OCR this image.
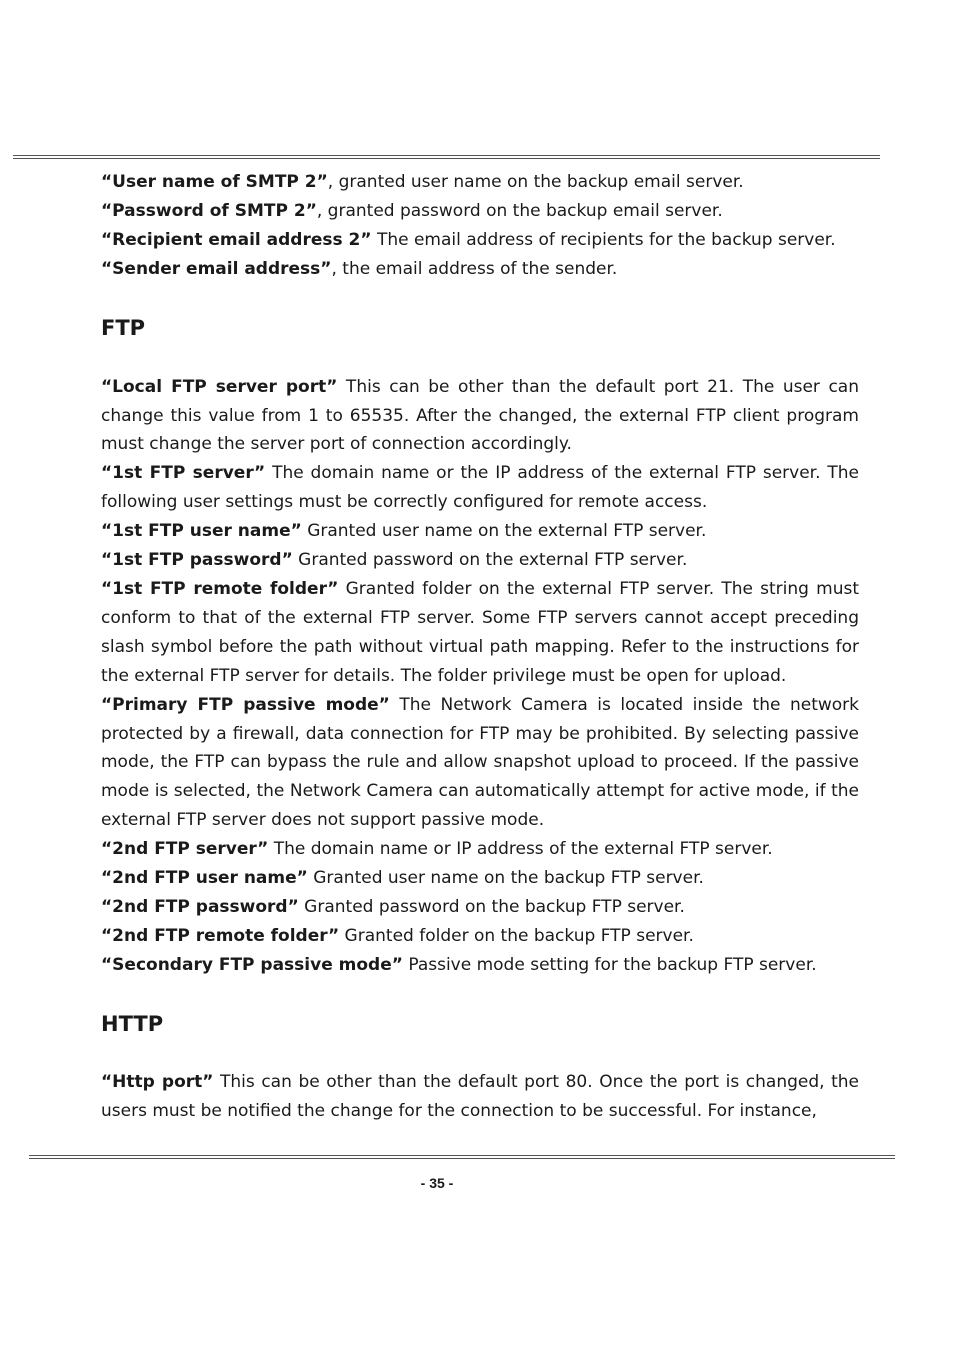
“User name of SMTP 2”, granted user name on the backup email server.

“Password of SMTP 2”, granted password on the backup email server.

“Recipient email address 2” The email address of recipients for the backup server.

“Sender email address”, the email address of the sender.

FTP

“Local FTP server port” This can be other than the default port 21. The user can change this value from 1 to 65535. After the changed, the external FTP client program must change the server port of connection accordingly.

“1st FTP server” The domain name or the IP address of the external FTP server. The following user settings must be correctly configured for remote access.

“1st FTP user name” Granted user name on the external FTP server.

“1st FTP password” Granted password on the external FTP server.

“1st FTP remote folder” Granted folder on the external FTP server. The string must conform to that of the external FTP server. Some FTP servers cannot accept preceding slash symbol before the path without virtual path mapping. Refer to the instructions for the external FTP server for details. The folder privilege must be open for upload.

“Primary FTP passive mode” The Network Camera is located inside the network protected by a firewall, data connection for FTP may be prohibited. By selecting passive mode, the FTP can bypass the rule and allow snapshot upload to proceed. If the passive mode is selected, the Network Camera can automatically attempt for active mode, if the external FTP server does not support passive mode.

“2nd FTP server” The domain name or IP address of the external FTP server.

“2nd FTP user name” Granted user name on the backup FTP server.

“2nd FTP password” Granted password on the backup FTP server.

“2nd FTP remote folder” Granted folder on the backup FTP server.

“Secondary FTP passive mode” Passive mode setting for the backup FTP server.

HTTP

“Http port” This can be other than the default port 80. Once the port is changed, the users must be notified the change for the connection to be successful. For instance,

- 35 -
